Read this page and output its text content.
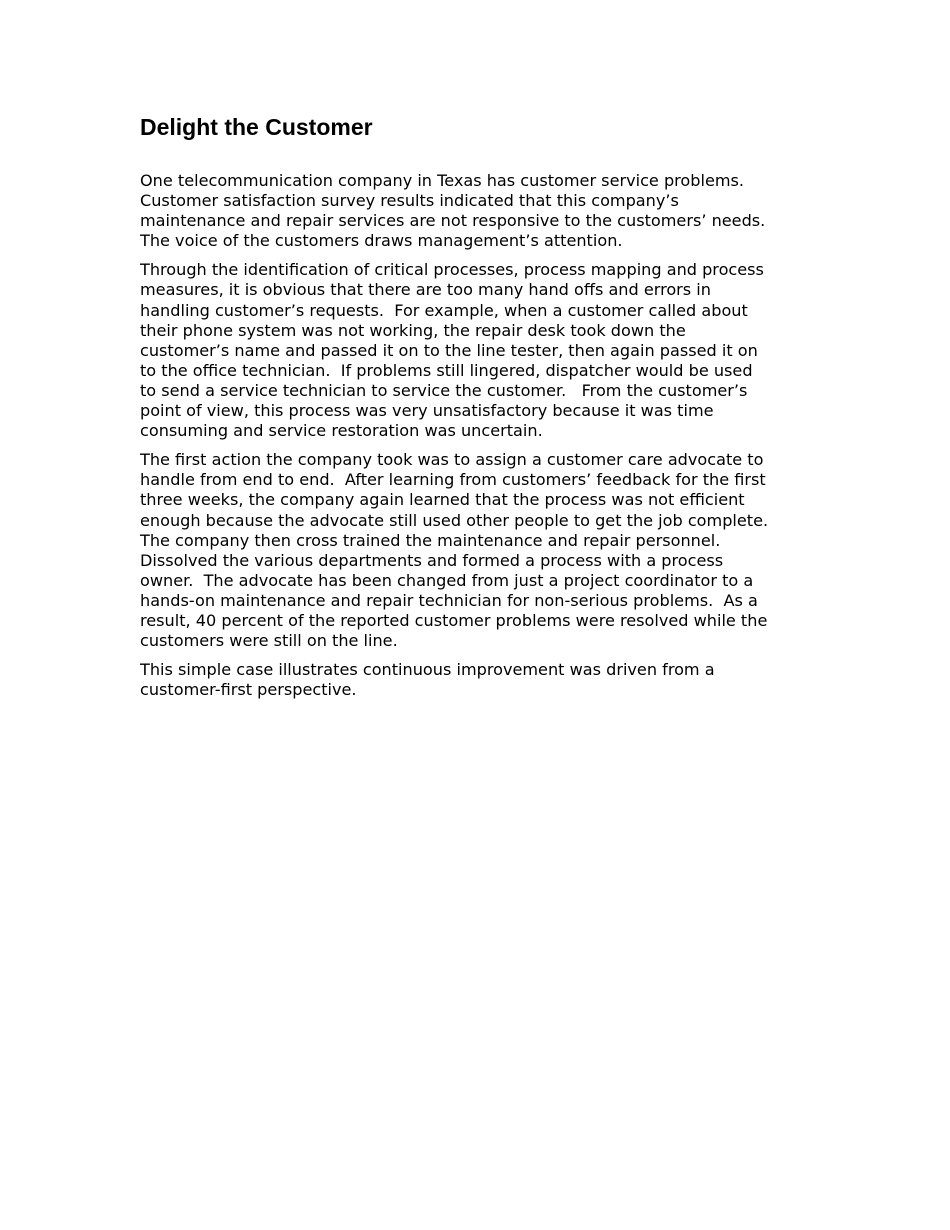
Delight the Customer

One telecommunication company in Texas has customer service problems.
Customer satisfaction survey results indicated that this company’s
maintenance and repair services are not responsive to the customers’ needs.
The voice of the customers draws management’s attention.

Through the identification of critical processes, process mapping and process
measures, it is obvious that there are too many hand offs and errors in
handling customer’s requests.  For example, when a customer called about
their phone system was not working, the repair desk took down the
customer’s name and passed it on to the line tester, then again passed it on
to the office technician.  If problems still lingered, dispatcher would be used
to send a service technician to service the customer.   From the customer’s
point of view, this process was very unsatisfactory because it was time
consuming and service restoration was uncertain.

The first action the company took was to assign a customer care advocate to
handle from end to end.  After learning from customers’ feedback for the first
three weeks, the company again learned that the process was not efficient
enough because the advocate still used other people to get the job complete.
The company then cross trained the maintenance and repair personnel.
Dissolved the various departments and formed a process with a process
owner.  The advocate has been changed from just a project coordinator to a
hands-on maintenance and repair technician for non-serious problems.  As a
result, 40 percent of the reported customer problems were resolved while the
customers were still on the line.

This simple case illustrates continuous improvement was driven from a
customer-first perspective.
